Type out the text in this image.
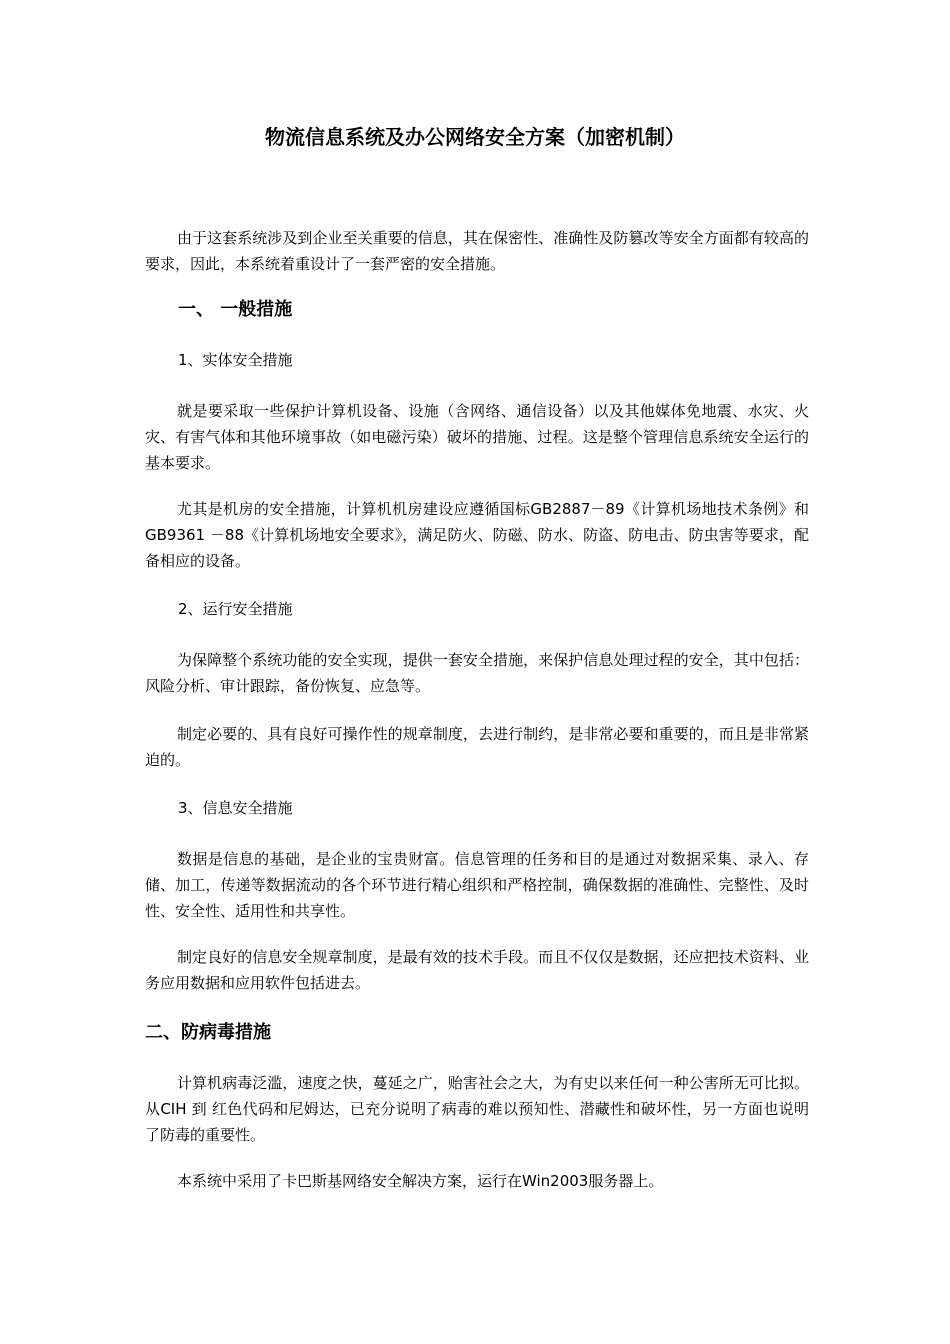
物流信息系统及办公网络安全方案（加密机制）

由于这套系统涉及到企业至关重要的信息，其在保密性、准确性及防篡改等安全方面都有较高的要求，因此，本系统着重设计了一套严密的安全措施。

一、 一般措施

1、实体安全措施

就是要采取一些保护计算机设备、设施（含网络、通信设备）以及其他媒体免地震、水灾、火灾、有害气体和其他环境事故（如电磁污染）破坏的措施、过程。这是整个管理信息系统安全运行的基本要求。

尤其是机房的安全措施，计算机机房建设应遵循国标GB2887－89《计算机场地技术条例》和GB9361 －88《计算机场地安全要求》，满足防火、防磁、防水、防盗、防电击、防虫害等要求，配备相应的设备。

2、运行安全措施

为保障整个系统功能的安全实现，提供一套安全措施，来保护信息处理过程的安全，其中包括：风险分析、审计跟踪，备份恢复、应急等。

制定必要的、具有良好可操作性的规章制度，去进行制约，是非常必要和重要的，而且是非常紧迫的。

3、信息安全措施

数据是信息的基础，是企业的宝贵财富。信息管理的任务和目的是通过对数据采集、录入、存储、加工，传递等数据流动的各个环节进行精心组织和严格控制，确保数据的准确性、完整性、及时性、安全性、适用性和共享性。

制定良好的信息安全规章制度，是最有效的技术手段。而且不仅仅是数据，还应把技术资料、业务应用数据和应用软件包括进去。

二、防病毒措施

计算机病毒泛滥，速度之快，蔓延之广，贻害社会之大，为有史以来任何一种公害所无可比拟。从CIH 到 红色代码和尼姆达，已充分说明了病毒的难以预知性、潜藏性和破坏性，另一方面也说明了防毒的重要性。

本系统中采用了卡巴斯基网络安全解决方案，运行在Win2003服务器上。
